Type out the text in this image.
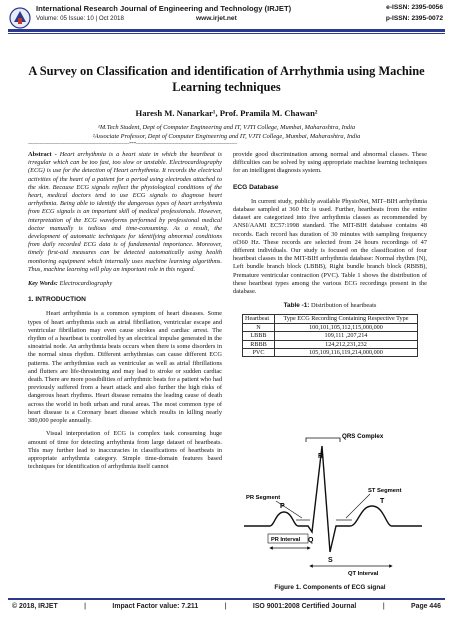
International Research Journal of Engineering and Technology (IRJET)
Volume: 05 Issue: 10 | Oct 2018	www.irjet.net
e-ISSN: 2395-0056
p-ISSN: 2395-0072
A Survey on Classification and identification of Arrhythmia using Machine Learning techniques
Haresh M. Nanarkar¹, Prof. Pramila M. Chawan²
¹M.Tech Student, Dept of Computer Engineering and IT, VJTI College, Mumbai, Maharashtra, India
²Associate Professor, Dept of Computer Engineering and IT, VJTI College, Mumbai, Maharashtra, India
---------------------------------------------------------------------***---------------------------------------------------------------------

Abstract - Heart arrhythmia is a heart state in which the heartbeat is irregular which can be too fast, too slow or unstable. Electrocardiography (ECG) is use for the detection of Heart arrhythmia. It records the electrical activities of the heart of a patient for a period using electrodes attached to the skin. Because ECG signals reflect the physiological conditions of the heart, medical doctors tend to use ECG signals to diagnose heart arrhythmia. Being able to identify the dangerous types of heart arrhythmia from ECG signals is an important skill of medical professionals. However, interpretation of the ECG waveforms performed by professional medical doctor manually is tedious and time-consuming. As a result, the development of automatic techniques for identifying abnormal conditions from daily recorded ECG data is of fundamental importance. Moreover, timely first-aid measures can be detected automatically using health monitoring equipment which internally uses machine learning algorithms. Thus, machine learning will play an important role in this regard.

Key Words: Electrocardiography

1. INTRODUCTION

Heart arrhythmia is a common symptom of heart diseases. Some types of heart arrhythmia such as atrial fibrillation, ventricular escape and ventricular fibrillation may even cause strokes and cardiac arrest. The rhythm of a heartbeat is controlled by an electrical impulse generated in the sinoatrial node. An arrhythmia beats occurs when there is some disorders in the normal sinus rhythm. Different arrhythmias can cause different ECG patterns. The arrhythmias such as ventricular as well as atrial fibrillations and flutters are life-threatening and may lead to stroke or sudden cardiac death. There are more possibilities of arrhythmic beats for a patient who had previously suffered from a heart attack and also further the high risks of dangerous heart rhythms. Heart disease remains the leading cause of death across the world in both urban and rural areas. The most common type of heart disease is a Coronary heart disease which results in killing nearly 380,000 people annually.

Visual interpretation of ECG is complex task consuming huge amount of time for detecting arrhythmia from large dataset of heartbeats. This may further lead to inaccuracies in classifications of heartbeats in appropriate arrhythmia category. Simple time-domain features based techniques for identification of arrhythmia itself cannot

provide good discrimination among normal and abnormal classes. These difficulties can be solved by using appropriate machine learning techniques for an intelligent diagnosis system.

ECG Database

In current study, publicly available PhysioNet, MIT–BIH arrhythmia database sampled at 360 Hz is used. Further, heartbeats from the entire dataset are categorized into five arrhythmia classes as recommended by ANSI/AAMI EC57:1998 standard. The MIT-BIH database contains 48 records. Each record has duration of 30 minutes with sampling frequency of360 Hz. These records are selected from 24 hours recordings of 47 different individuals. Our study is focused on the classification of four heartbeat classes in the MIT-BIH arrhythmia database: Normal rhythm (N), Left bundle branch block (LBBB), Right bundle branch block (RBBB), Premature ventricular contraction (PVC). Table 1 shows the distribution of these heartbeat types among the various ECG recordings present in the database.

Table -1: Distribution of heartbeats
Heartbeat	Type ECG Recording Containing Respective Type
N	100,101,105,112,115,000,000
LBBB	109,111 ,207,214
RBBB	124,212,231,232
PVC	105,109,116,119,214,000,000
QRS Complex
R
PR Segment
ST Segment
P
T
PR Interval Q
S
QT Interval
Figure 1. Components of ECG signal
© 2018, IRJET	|	Impact Factor value: 7.211	|	ISO 9001:2008 Certified Journal	|	Page 446
